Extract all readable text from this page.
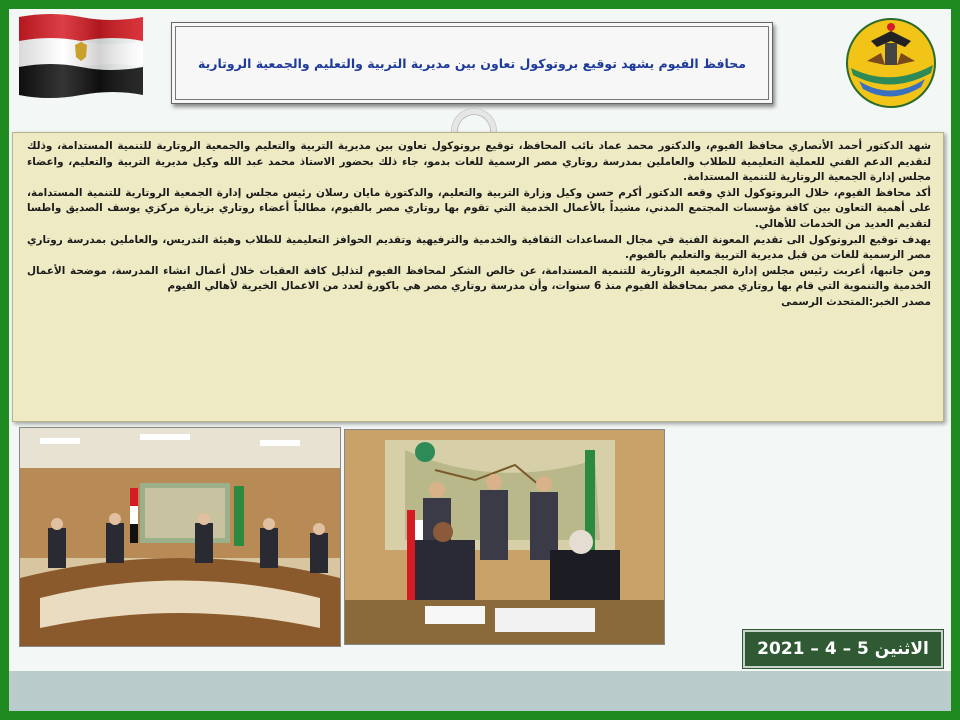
محافظ الفيوم يشهد توقيع بروتوكول تعاون بين مديرية التربية والتعليم والجمعية الروتارية

شهد الدكتور أحمد الأنصاري محافظ الفيوم، والدكتور محمد عماد نائب المحافظ، توقيع بروتوكول تعاون بين مديرية التربية والتعليم والجمعية الروتارية للتنمية المستدامة، وذلك لتقديم الدعم الفني للعملية التعليمية للطلاب والعاملين بمدرسة روتاري مصر الرسمية للغات بدمو، جاء ذلك بحضور الاستاذ محمد عبد الله وكيل مديرية التربية والتعليم، واعضاء مجلس إدارة الجمعية الروتارية للتنمية المستدامة.

أكد محافظ الفيوم، خلال البروتوكول الذي وقعه الدكتور أكرم حسن وكيل وزارة التربية والتعليم، والدكتورة مايان رسلان رئيس مجلس إدارة الجمعية الروتارية للتنمية المستدامة، على أهمية التعاون بين كافة مؤسسات المجتمع المدني، مشيداً بالأعمال الخدمية التي تقوم بها روتاري مصر بالفيوم، مطالباً أعضاء روتاري بزيارة مركزي يوسف الصديق واطسا لتقديم العديد من الخدمات للأهالي.

يهدف توقيع البروتوكول الى تقديم المعونة الفنية في مجال المساعدات الثقافية والخدمية والترفيهية وتقديم الحوافز التعليمية للطلاب وهيئة التدريس، والعاملين بمدرسة روتاري مصر الرسمية للغات من قبل مديرية التربية والتعليم بالفيوم.

ومن جانبها، أعربت رئيس مجلس إدارة الجمعية الروتارية للتنمية المستدامة، عن خالص الشكر لمحافظ الفيوم لتذليل كافة العقبات خلال أعمال انشاء المدرسة، موضحة الأعمال الخدمية والتنموية التي قام بها روتاري مصر بمحافظة الفيوم منذ 6 سنوات، وأن مدرسة روتاري مصر هي باكورة لعدد من الاعمال الخيرية لأهالي الفيوم

مصدر الخبر:المتحدث الرسمى

الاثنين 5 – 4 – 2021
